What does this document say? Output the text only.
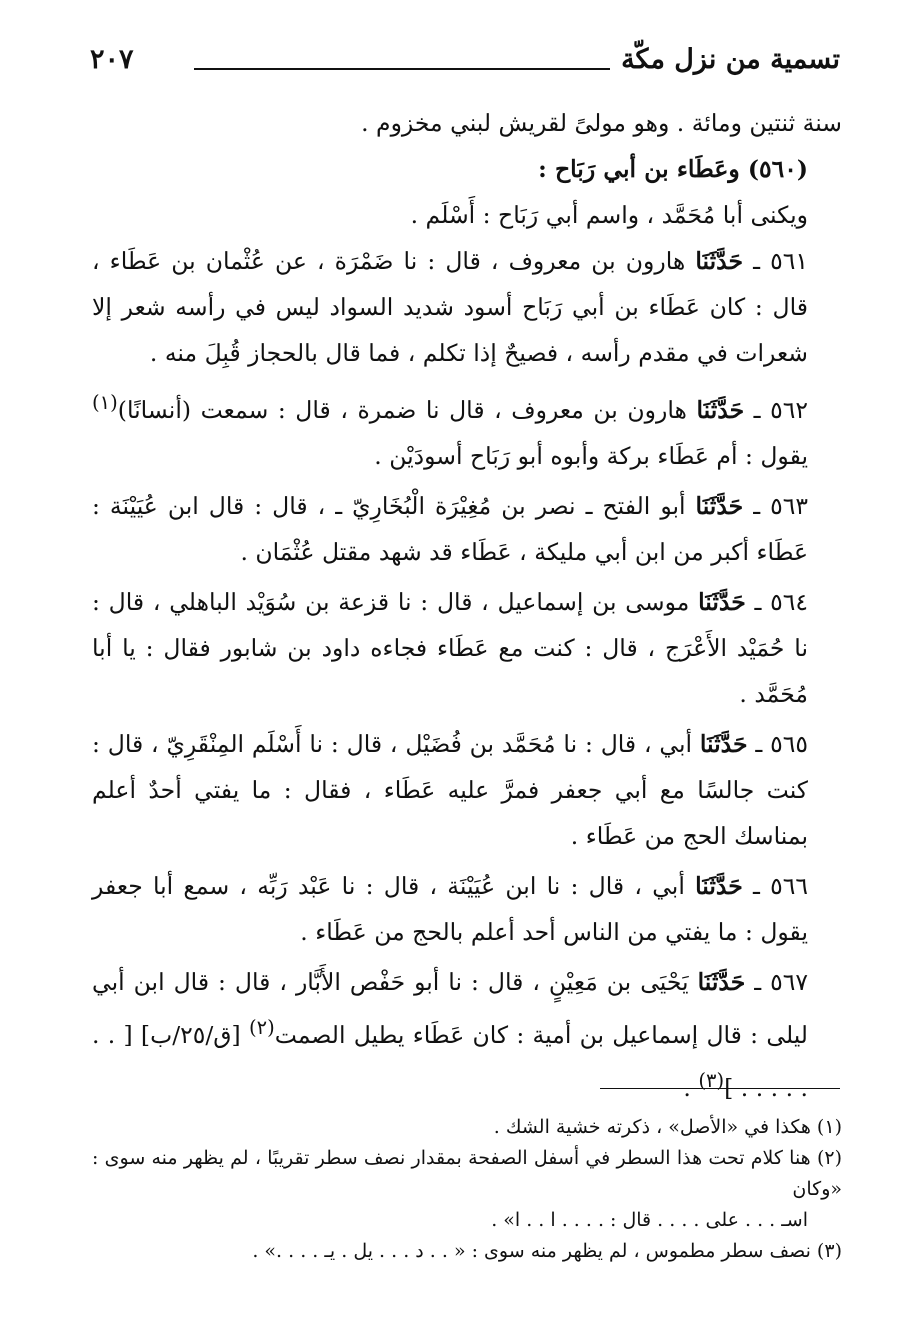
تسمية من نزل مكّة
٢٠٧

سنة ثنتين ومائة . وهو مولىً لقريش لبني مخزوم .

(٥٦٠) وعَطَاء بن أبي رَبَاح :

ويكنى أبا مُحَمَّد ، واسم أبي رَبَاح : أَسْلَم .

٥٦١ ـ حَدَّثَنَا هارون بن معروف ، قال : نا ضَمْرَة ، عن عُثْمان بن عَطَاء ، قال : كان عَطَاء بن أبي رَبَاح أسود شديد السواد ليس في رأسه شعر إلا شعرات في مقدم رأسه ، فصيحٌ إذا تكلم ، فما قال بالحجاز قُبِلَ منه .

٥٦٢ ـ حَدَّثَنَا هارون بن معروف ، قال نا ضمرة ، قال : سمعت (أنسانًا)$^{(١)}$ يقول : أم عَطَاء بركة وأبوه أبو رَبَاح أسودَيْن .

٥٦٣ ـ حَدَّثَنَا أبو الفتح ـ نصر بن مُغِيْرَة الْبُخَارِيّ ـ ، قال : قال ابن عُيَيْنَة : عَطَاء أكبر من ابن أبي مليكة ، عَطَاء قد شهد مقتل عُثْمَان .

٥٦٤ ـ حَدَّثَنَا موسى بن إسماعيل ، قال : نا قزعة بن سُوَيْد الباهلي ، قال : نا حُمَيْد الأَعْرَج ، قال : كنت مع عَطَاء فجاءه داود بن شابور فقال : يا أبا مُحَمَّد .

٥٦٥ ـ حَدَّثَنَا أبي ، قال : نا مُحَمَّد بن فُضَيْل ، قال : نا أَسْلَم المِنْقَرِيّ ، قال : كنت جالسًا مع أبي جعفر فمرَّ عليه عَطَاء ، فقال : ما يفتي أحدٌ أعلم بمناسك الحج من عَطَاء .

٥٦٦ ـ حَدَّثَنَا أبي ، قال : نا ابن عُيَيْنَة ، قال : نا عَبْد رَبِّه ، سمع أبا جعفر يقول : ما يفتي من الناس أحد أعلم بالحج من عَطَاء .

٥٦٧ ـ حَدَّثَنَا يَحْيَى بن مَعِيْنٍ ، قال : نا أبو حَفْص الأَبَّار ، قال : قال ابن أبي ليلى : قال إسماعيل بن أمية : كان عَطَاء يطيل الصمت$^{(٢)}$ [ق/٢٥/ب] [ . . . . . . . ]$^{(٣)}$ .

(١) هكذا في «الأصل» ، ذكرته خشية الشك .

(٢) هنا كلام تحت هذا السطر في أسفل الصفحة بمقدار نصف سطر تقريبًا ، لم يظهر منه سوى : «وكان

اسـ . . . على . . . . قال : . . . . ا . . ا» .

(٣) نصف سطر مطموس ، لم يظهر منه سوى : « . . د . . . يل . يـ . . . .» .
